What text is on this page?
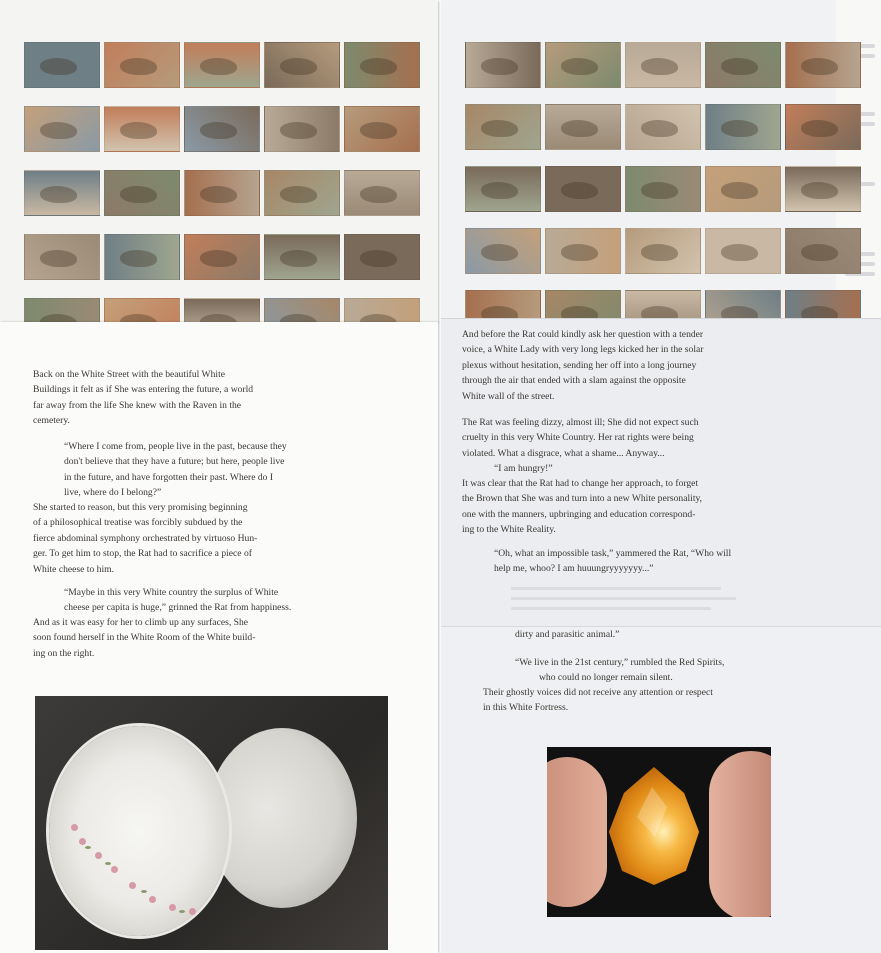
Back on the White Street with the beautiful White
Buildings it felt as if She was entering the future, a world
far away from the life She knew with the Raven in the
cemetery.
“Where I come from, people live in the past, because they
don't believe that they have a future; but here, people live
in the future, and have forgotten their past. Where do I
live, where do I belong?”
She started to reason, but this very promising beginning
of a philosophical treatise was forcibly subdued by the
fierce abdominal symphony orchestrated by virtuoso Hun-
ger. To get him to stop, the Rat had to sacrifice a piece of
White cheese to him.
“Maybe in this very White country the surplus of White
cheese per capita is huge,” grinned the Rat from happiness.
And as it was easy for her to climb up any surfaces, She
soon found herself in the White Room of the White build-
ing on the right.
And before the Rat could kindly ask her question with a tender
voice, a White Lady with very long legs kicked her in the solar
plexus without hesitation, sending her off into a long journey
through the air that ended with a slam against the opposite
White wall of the street.
The Rat was feeling dizzy, almost ill; She did not expect such
cruelty in this very White Country. Her rat rights were being
violated. What a disgrace, what a shame... Anyway...
“I am hungry!”
It was clear that the Rat had to change her approach, to forget
the Brown that She was and turn into a new White personality,
one with the manners, upbringing and education correspond-
ing to the White Reality.
“Oh, what an impossible task,” yammered the Rat, “Who will
help me, whoo? I am huuungryyyyyyy...”
dirty and parasitic animal.”
“We live in the 21st century,” rumbled the Red Spirits,
who could no longer remain silent.
Their ghostly voices did not receive any attention or respect
in this White Fortress.
